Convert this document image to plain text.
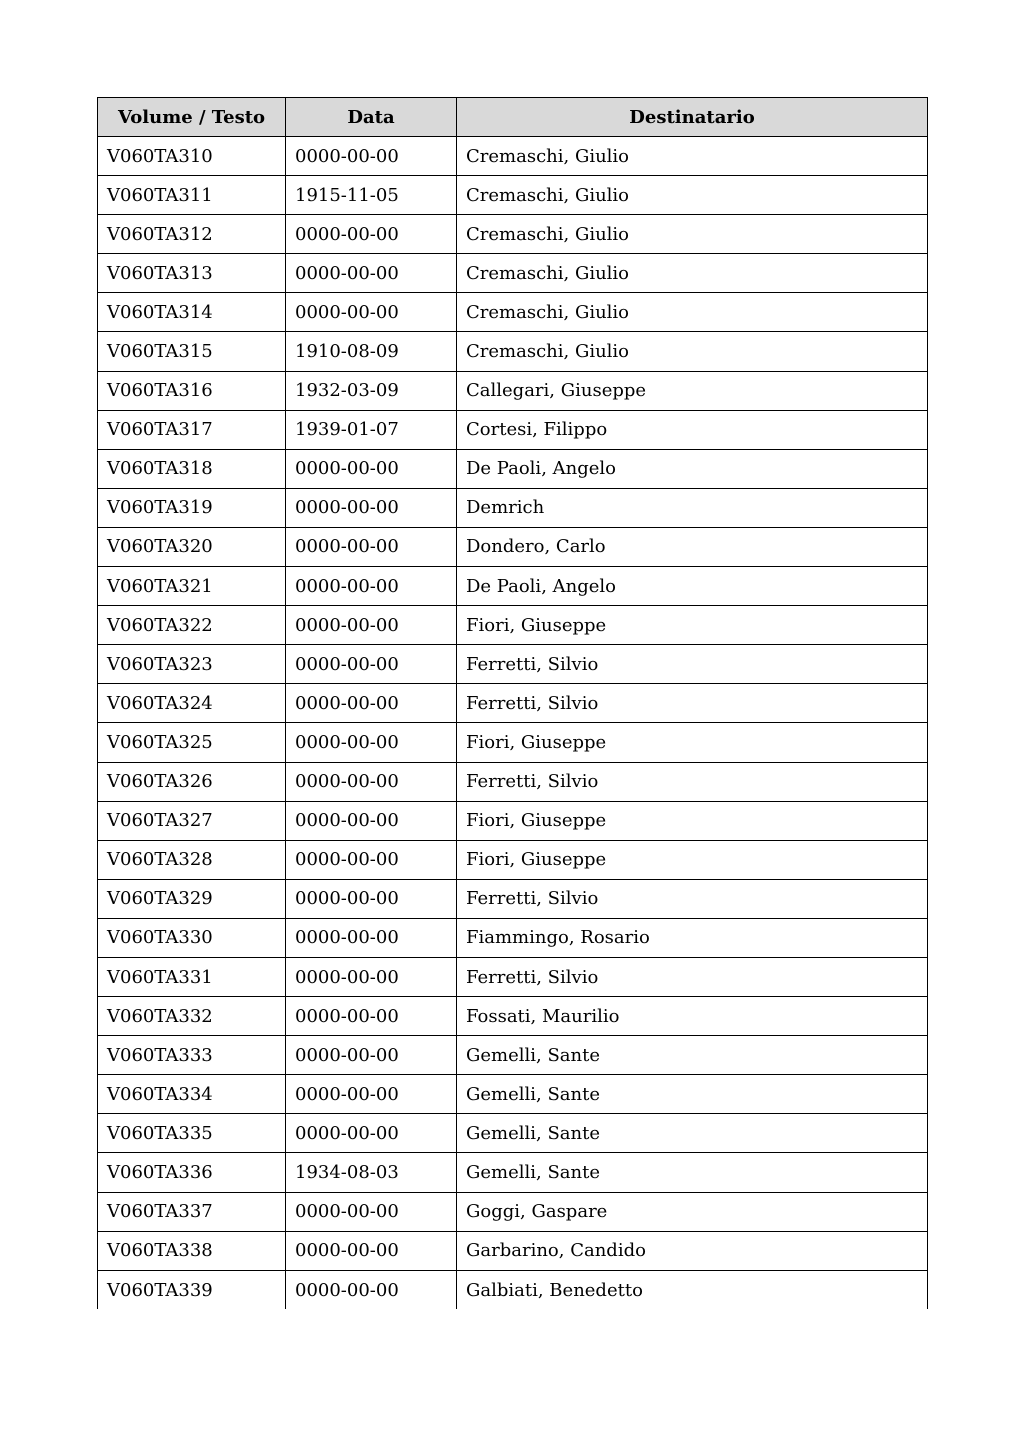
Volume / Testo	Data	Destinatario
V060TA310	0000-00-00	Cremaschi, Giulio
V060TA311	1915-11-05	Cremaschi, Giulio
V060TA312	0000-00-00	Cremaschi, Giulio
V060TA313	0000-00-00	Cremaschi, Giulio
V060TA314	0000-00-00	Cremaschi, Giulio
V060TA315	1910-08-09	Cremaschi, Giulio
V060TA316	1932-03-09	Callegari, Giuseppe
V060TA317	1939-01-07	Cortesi, Filippo
V060TA318	0000-00-00	De Paoli, Angelo
V060TA319	0000-00-00	Demrich
V060TA320	0000-00-00	Dondero, Carlo
V060TA321	0000-00-00	De Paoli, Angelo
V060TA322	0000-00-00	Fiori, Giuseppe
V060TA323	0000-00-00	Ferretti, Silvio
V060TA324	0000-00-00	Ferretti, Silvio
V060TA325	0000-00-00	Fiori, Giuseppe
V060TA326	0000-00-00	Ferretti, Silvio
V060TA327	0000-00-00	Fiori, Giuseppe
V060TA328	0000-00-00	Fiori, Giuseppe
V060TA329	0000-00-00	Ferretti, Silvio
V060TA330	0000-00-00	Fiammingo, Rosario
V060TA331	0000-00-00	Ferretti, Silvio
V060TA332	0000-00-00	Fossati, Maurilio
V060TA333	0000-00-00	Gemelli, Sante
V060TA334	0000-00-00	Gemelli, Sante
V060TA335	0000-00-00	Gemelli, Sante
V060TA336	1934-08-03	Gemelli, Sante
V060TA337	0000-00-00	Goggi, Gaspare
V060TA338	0000-00-00	Garbarino, Candido
V060TA339	0000-00-00	Galbiati, Benedetto
